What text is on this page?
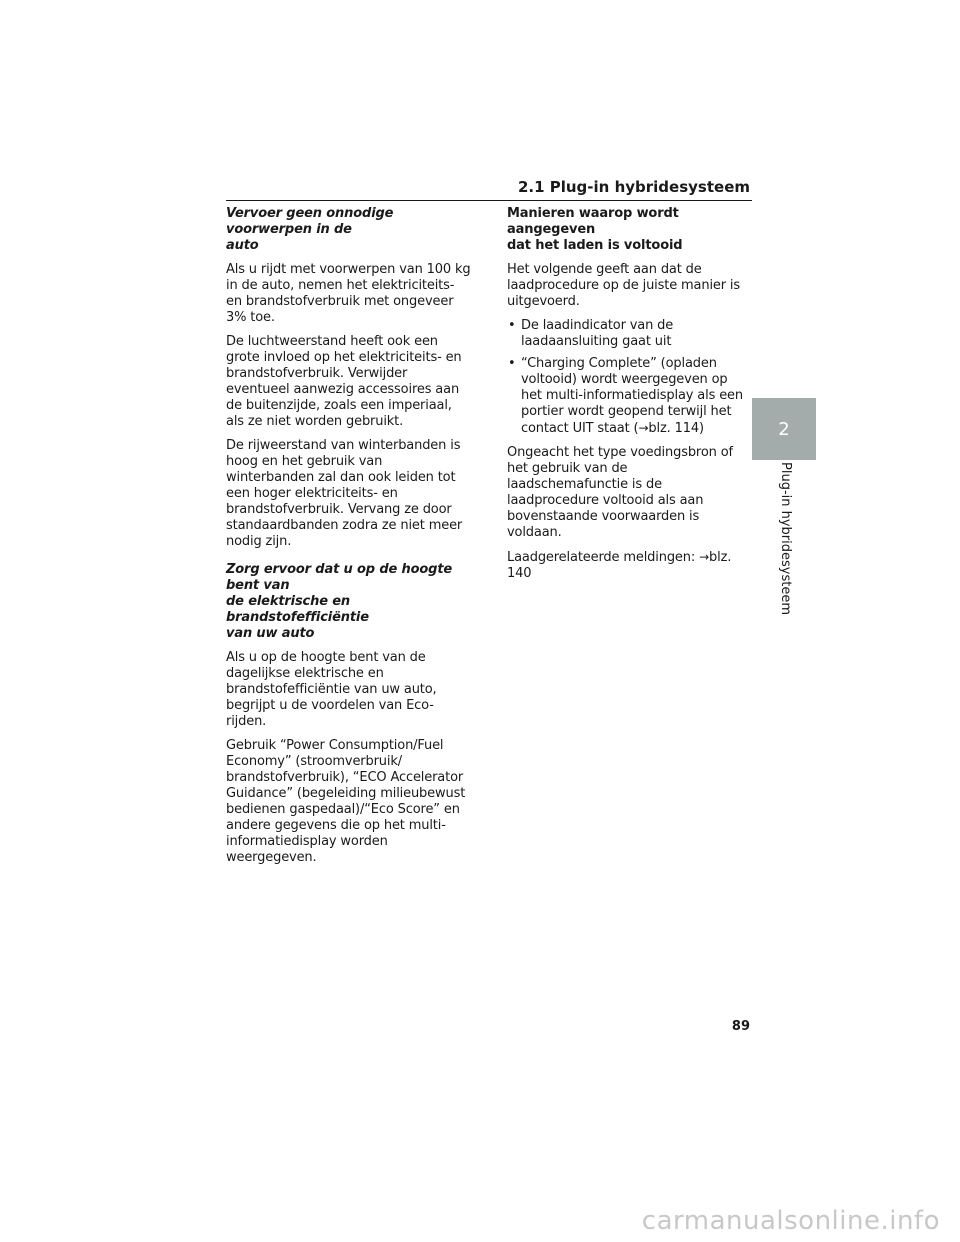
2.1 Plug-in hybridesysteem
Vervoer geen onnodige voorwerpen in de
auto

Als u rijdt met voorwerpen van 100 kg in de auto, nemen het elektriciteits- en brandstofverbruik met ongeveer 3% toe.

De luchtweerstand heeft ook een grote invloed op het elektriciteits- en brandstofverbruik. Verwijder eventueel aanwezig accessoires aan de buitenzijde, zoals een imperiaal, als ze niet worden gebruikt.

De rijweerstand van winterbanden is hoog en het gebruik van winterbanden zal dan ook leiden tot een hoger elektriciteits- en brandstofverbruik. Vervang ze door standaardbanden zodra ze niet meer nodig zijn.

Zorg ervoor dat u op de hoogte bent van
de elektrische en brandstofefficiëntie
van uw auto

Als u op de hoogte bent van de dagelijkse elektrische en brandstofefficiëntie van uw auto, begrijpt u de voordelen van Eco-rijden.

Gebruik “Power Consumption/Fuel Economy” (stroomverbruik/ brandstofverbruik), “ECO Accelerator Guidance” (begeleiding milieubewust bedienen gaspedaal)/“Eco Score” en andere gegevens die op het multi-informatiedisplay worden weergegeven.

Manieren waarop wordt aangegeven
dat het laden is voltooid

Het volgende geeft aan dat de laadprocedure op de juiste manier is uitgevoerd.

• De laadindicator van de laadaansluiting gaat uit
• “Charging Complete” (opladen voltooid) wordt weergegeven op het multi-informatiedisplay als een portier wordt geopend terwijl het contact UIT staat (→blz. 114)

Ongeacht het type voedingsbron of het gebruik van de laadschemafunctie is de laadprocedure voltooid als aan bovenstaande voorwaarden is voldaan.

Laadgerelateerde meldingen: →blz. 140

2
Plug-in hybridesysteem
89
carmanualsonline.info
